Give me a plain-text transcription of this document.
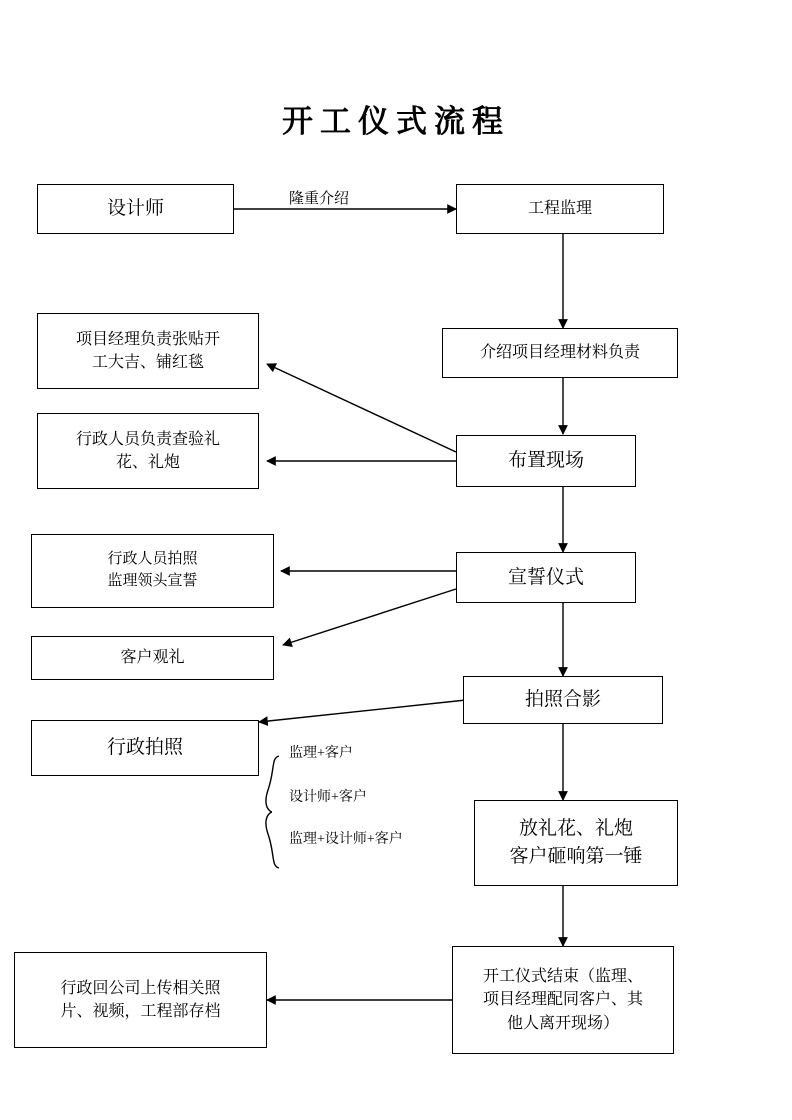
开工仪式流程
设计师	工程监理
隆重介绍
介绍项目经理材料负责
项目经理负责张贴开
工大吉、铺红毯
行政人员负责查验礼
花、礼炮	布置现场
行政人员拍照
监理领头宣誓	宣誓仪式
客户观礼
拍照合影
行政拍照	监理+客户
设计师+客户
监理+设计师+客户
放礼花、礼炮
客户砸响第一锤
开工仪式结束（监理、
项目经理配同客户、其
他人离开现场）
行政回公司上传相关照
片、视频，工程部存档
